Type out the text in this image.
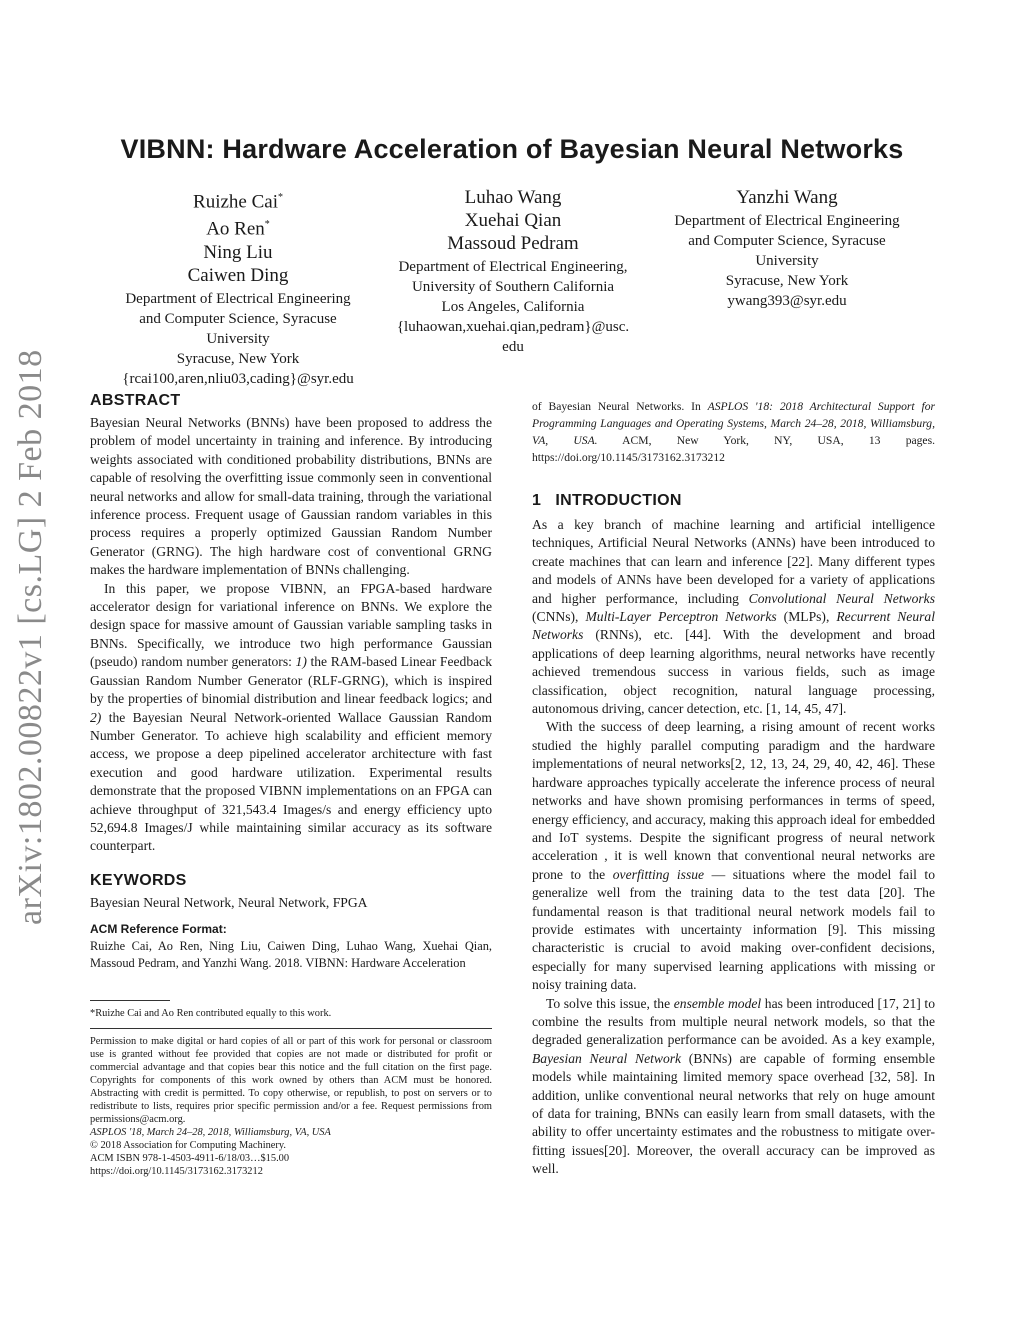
arXiv:1802.00822v1 [cs.LG] 2 Feb 2018
VIBNN: Hardware Acceleration of Bayesian Neural Networks
Ruizhe Cai*
Ao Ren*
Ning Liu
Caiwen Ding
Department of Electrical Engineering
and Computer Science, Syracuse
University
Syracuse, New York
{rcai100,aren,nliu03,cading}@syr.edu
Luhao Wang
Xuehai Qian
Massoud Pedram
Department of Electrical Engineering,
University of Southern California
Los Angeles, California
{luhaowan,xuehai.qian,pedram}@usc.
edu
Yanzhi Wang
Department of Electrical Engineering
and Computer Science, Syracuse
University
Syracuse, New York
ywang393@syr.edu
ABSTRACT

Bayesian Neural Networks (BNNs) have been proposed to address the problem of model uncertainty in training and inference. By introducing weights associated with conditioned probability distributions, BNNs are capable of resolving the overfitting issue commonly seen in conventional neural networks and allow for small-data training, through the variational inference process. Frequent usage of Gaussian random variables in this process requires a properly optimized Gaussian Random Number Generator (GRNG). The high hardware cost of conventional GRNG makes the hardware implementation of BNNs challenging.

In this paper, we propose VIBNN, an FPGA-based hardware accelerator design for variational inference on BNNs. We explore the design space for massive amount of Gaussian variable sampling tasks in BNNs. Specifically, we introduce two high performance Gaussian (pseudo) random number generators: 1) the RAM-based Linear Feedback Gaussian Random Number Generator (RLF-GRNG), which is inspired by the properties of binomial distribution and linear feedback logics; and 2) the Bayesian Neural Network-oriented Wallace Gaussian Random Number Generator. To achieve high scalability and efficient memory access, we propose a deep pipelined accelerator architecture with fast execution and good hardware utilization. Experimental results demonstrate that the proposed VIBNN implementations on an FPGA can achieve throughput of 321,543.4 Images/s and energy efficiency upto 52,694.8 Images/J while maintaining similar accuracy as its software counterpart.

KEYWORDS

Bayesian Neural Network, Neural Network, FPGA

ACM Reference Format:

Ruizhe Cai, Ao Ren, Ning Liu, Caiwen Ding, Luhao Wang, Xuehai Qian, Massoud Pedram, and Yanzhi Wang. 2018. VIBNN: Hardware Acceleration

*Ruizhe Cai and Ao Ren contributed equally to this work.

Permission to make digital or hard copies of all or part of this work for personal or classroom use is granted without fee provided that copies are not made or distributed for profit or commercial advantage and that copies bear this notice and the full citation on the first page. Copyrights for components of this work owned by others than ACM must be honored. Abstracting with credit is permitted. To copy otherwise, or republish, to post on servers or to redistribute to lists, requires prior specific permission and/or a fee. Request permissions from permissions@acm.org.

ASPLOS '18, March 24–28, 2018, Williamsburg, VA, USA
© 2018 Association for Computing Machinery.
ACM ISBN 978-1-4503-4911-6/18/03…$15.00
https://doi.org/10.1145/3173162.3173212

of Bayesian Neural Networks. In ASPLOS '18: 2018 Architectural Support for Programming Languages and Operating Systems, March 24–28, 2018, Williamsburg, VA, USA. ACM, New York, NY, USA, 13 pages. https://doi.org/10.1145/3173162.3173212

1   INTRODUCTION

As a key branch of machine learning and artificial intelligence techniques, Artificial Neural Networks (ANNs) have been introduced to create machines that can learn and inference [22]. Many different types and models of ANNs have been developed for a variety of applications and higher performance, including Convolutional Neural Networks (CNNs), Multi-Layer Perceptron Networks (MLPs), Recurrent Neural Networks (RNNs), etc. [44]. With the development and broad applications of deep learning algorithms, neural networks have recently achieved tremendous success in various fields, such as image classification, object recognition, natural language processing, autonomous driving, cancer detection, etc. [1, 14, 45, 47].

With the success of deep learning, a rising amount of recent works studied the highly parallel computing paradigm and the hardware implementations of neural networks[2, 12, 13, 24, 29, 40, 42, 46]. These hardware approaches typically accelerate the inference process of neural networks and have shown promising performances in terms of speed, energy efficiency, and accuracy, making this approach ideal for embedded and IoT systems. Despite the significant progress of neural network acceleration , it is well known that conventional neural networks are prone to the overfitting issue — situations where the model fail to generalize well from the training data to the test data [20]. The fundamental reason is that traditional neural network models fail to provide estimates with uncertainty information [9]. This missing characteristic is crucial to avoid making over-confident decisions, especially for many supervised learning applications with missing or noisy training data.

To solve this issue, the ensemble model has been introduced [17, 21] to combine the results from multiple neural network models, so that the degraded generalization performance can be avoided. As a key example, Bayesian Neural Network (BNNs) are capable of forming ensemble models while maintaining limited memory space overhead [32, 58]. In addition, unlike conventional neural networks that rely on huge amount of data for training, BNNs can easily learn from small datasets, with the ability to offer uncertainty estimates and the robustness to mitigate over-fitting issues[20]. Moreover, the overall accuracy can be improved as well.
